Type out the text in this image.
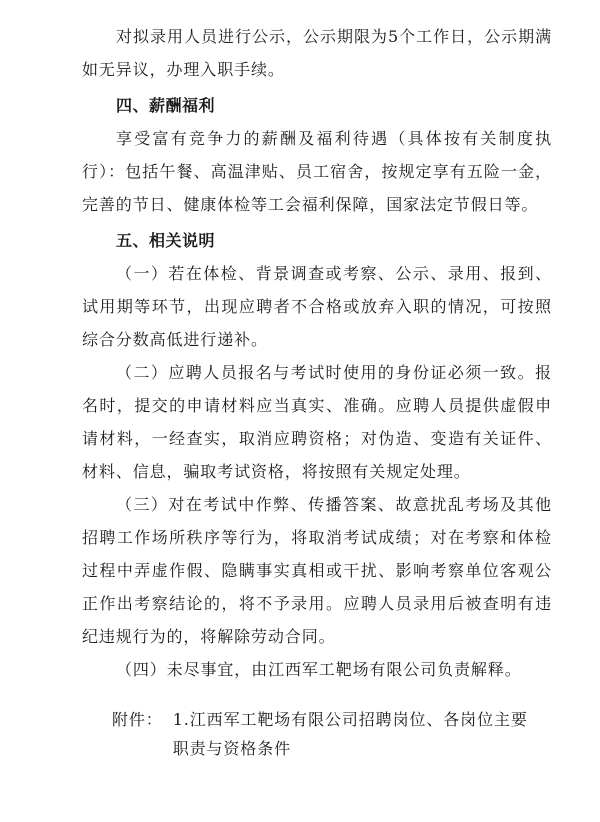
对拟录用人员进行公示，公示期限为5个工作日，公示期满如无异议，办理入职手续。

四、薪酬福利

享受富有竞争力的薪酬及福利待遇（具体按有关制度执行）：包括午餐、高温津贴、员工宿舍，按规定享有五险一金，完善的节日、健康体检等工会福利保障，国家法定节假日等。

五、相关说明

（一）若在体检、背景调查或考察、公示、录用、报到、试用期等环节，出现应聘者不合格或放弃入职的情况，可按照综合分数高低进行递补。

（二）应聘人员报名与考试时使用的身份证必须一致。报名时，提交的申请材料应当真实、准确。应聘人员提供虚假申请材料，一经查实，取消应聘资格；对伪造、变造有关证件、材料、信息，骗取考试资格，将按照有关规定处理。

（三）对在考试中作弊、传播答案、故意扰乱考场及其他招聘工作场所秩序等行为，将取消考试成绩；对在考察和体检过程中弄虚作假、隐瞒事实真相或干扰、影响考察单位客观公正作出考察结论的，将不予录用。应聘人员录用后被查明有违纪违规行为的，将解除劳动合同。

（四）未尽事宜，由江西军工靶场有限公司负责解释。

附件： 1.江西军工靶场有限公司招聘岗位、各岗位主要职责与资格条件
